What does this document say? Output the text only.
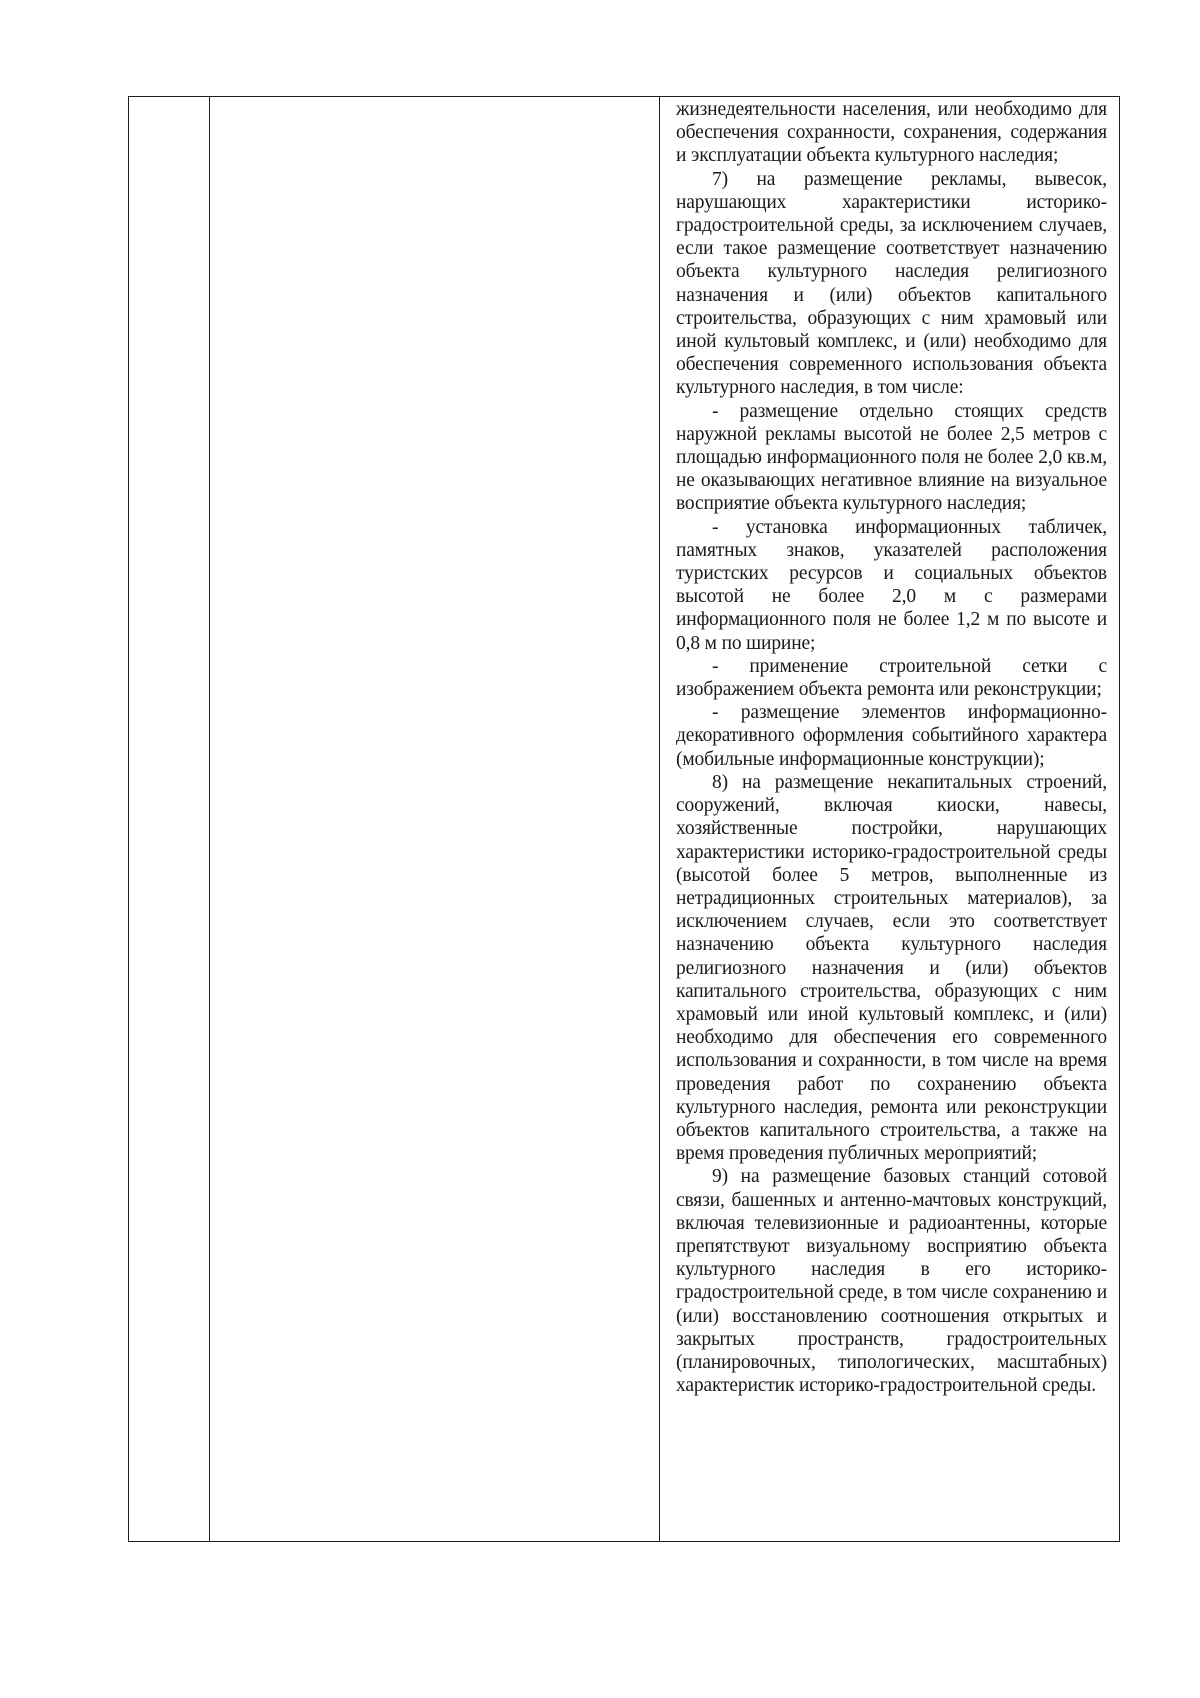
жизнедеятельности населения, или необходимо для обеспечения сохранности, сохранения, содержания и эксплуатации объекта культурного наследия;

7) на размещение рекламы, вывесок, нарушающих характеристики историко-градостроительной среды, за исключением случаев, если такое размещение соответствует назначению объекта культурного наследия религиозного назначения и (или) объектов капитального строительства, образующих с ним храмовый или иной культовый комплекс, и (или) необходимо для обеспечения современного использования объекта культурного наследия, в том числе:

- размещение отдельно стоящих средств наружной рекламы высотой не более 2,5 метров с площадью информационного поля не более 2,0 кв.м, не оказывающих негативное влияние на визуальное восприятие объекта культурного наследия;

- установка информационных табличек, памятных знаков, указателей расположения туристских ресурсов и социальных объектов высотой не более 2,0 м с размерами информационного поля не более 1,2 м по высоте и 0,8 м по ширине;

- применение строительной сетки с изображением объекта ремонта или реконструкции;

- размещение элементов информационно-декоративного оформления событийного характера (мобильные информационные конструкции);

8) на размещение некапитальных строений, сооружений, включая киоски, навесы, хозяйственные постройки, нарушающих характеристики историко-градостроительной среды (высотой более 5 метров, выполненные из нетрадиционных строительных материалов), за исключением случаев, если это соответствует назначению объекта культурного наследия религиозного назначения и (или) объектов капитального строительства, образующих с ним храмовый или иной культовый комплекс, и (или) необходимо для обеспечения его современного использования и сохранности, в том числе на время проведения работ по сохранению объекта культурного наследия, ремонта или реконструкции объектов капитального строительства, а также на время проведения публичных мероприятий;

9) на размещение базовых станций сотовой связи, башенных и антенно-мачтовых конструкций, включая телевизионные и радиоантенны, которые препятствуют визуальному восприятию объекта культурного наследия в его историко-градостроительной среде, в том числе сохранению и (или) восстановлению соотношения открытых и закрытых пространств, градостроительных (планировочных, типологических, масштабных) характеристик историко-градостроительной среды.
